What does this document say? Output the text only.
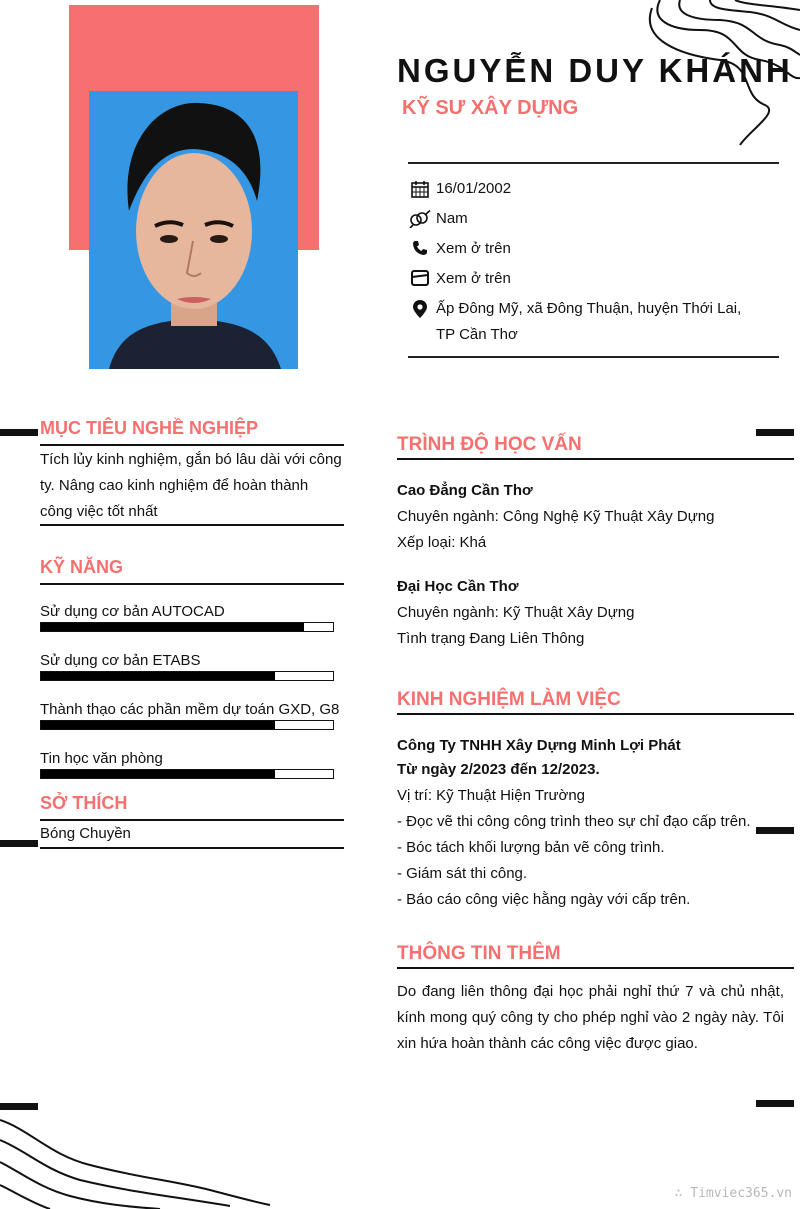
NGUYỄN DUY KHÁNH
KỸ SƯ XÂY DỰNG
16/01/2002
Nam
Xem ở trên
Xem ở trên
Ấp Đông Mỹ, xã Đông Thuận, huyện Thới Lai, TP Cần Thơ
MỤC TIÊU NGHỀ NGHIỆP
Tích lủy kinh nghiệm, gắn bó lâu dài với công ty. Nâng cao kinh nghiệm để hoàn thành công việc tốt nhất
KỸ NĂNG
Sử dụng cơ bản AUTOCAD
Sử dụng cơ bản ETABS
Thành thạo các phần mềm dự toán GXD, G8
Tin học văn phòng
SỞ THÍCH
Bóng Chuyền
TRÌNH ĐỘ HỌC VẤN
Cao Đẳng Cần Thơ
Chuyên ngành: Công Nghệ Kỹ Thuật Xây Dựng
Xếp loại: Khá
Đại Học Cần Thơ
Chuyên ngành: Kỹ Thuật Xây Dựng
Tình trạng Đang Liên Thông
KINH NGHIỆM LÀM VIỆC
Công Ty TNHH Xây Dựng Minh Lợi Phát
Từ ngày 2/2023 đến 12/2023.
Vị trí: Kỹ Thuật Hiện Trường
- Đọc vẽ thi công công trình theo sự chỉ đạo cấp trên.
- Bóc tách khối lượng bản vẽ công trình.
- Giám sát thi công.
- Báo cáo công việc hằng ngày với cấp trên.
THÔNG TIN THÊM
Do đang liên thông đại học phải nghỉ thứ 7 và chủ nhật, kính mong quý công ty cho phép nghỉ vào 2 ngày này. Tôi xin hứa hoàn thành các công việc được giao.
∴ Timviec365.vn
